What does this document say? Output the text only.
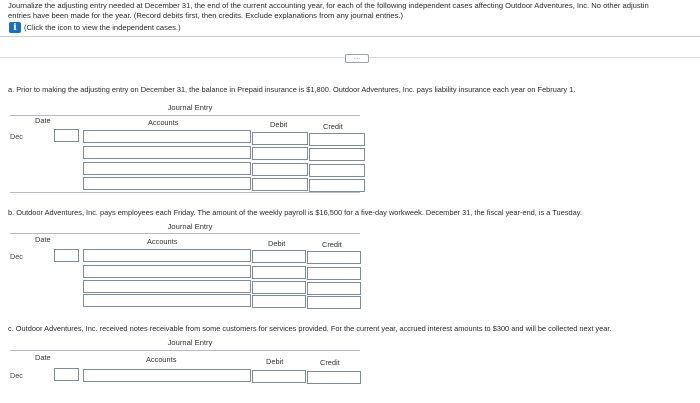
Journalize the adjusting entry needed at December 31, the end of the current accounting year, for each of the following independent cases affecting Outdoor Adventures, Inc. No other adjustin
entries have been made for the year. (Record debits first, then credits. Exclude explanations from any journal entries.)
i (Click the icon to view the independent cases.)
....
a. Prior to making the adjusting entry on December 31, the balance in Prepaid insurance is $1,800. Outdoor Adventures, Inc. pays liability insurance each year on February 1.
Journal Entry
Date	Accounts	Debit	Credit
Dec
b. Outdoor Adventures, Inc. pays employees each Friday. The amount of the weekly payroll is $16,500 for a five-day workweek. December 31, the fiscal year-end, is a Tuesday.
Journal Entry
Date	Accounts	Debit	Credit
Dec
c. Outdoor Adventures, Inc. received notes receivable from some customers for services provided. For the current year, accrued interest amounts to $300 and will be collected next year.
Journal Entry
Date	Accounts	Debit	Credit
Dec
